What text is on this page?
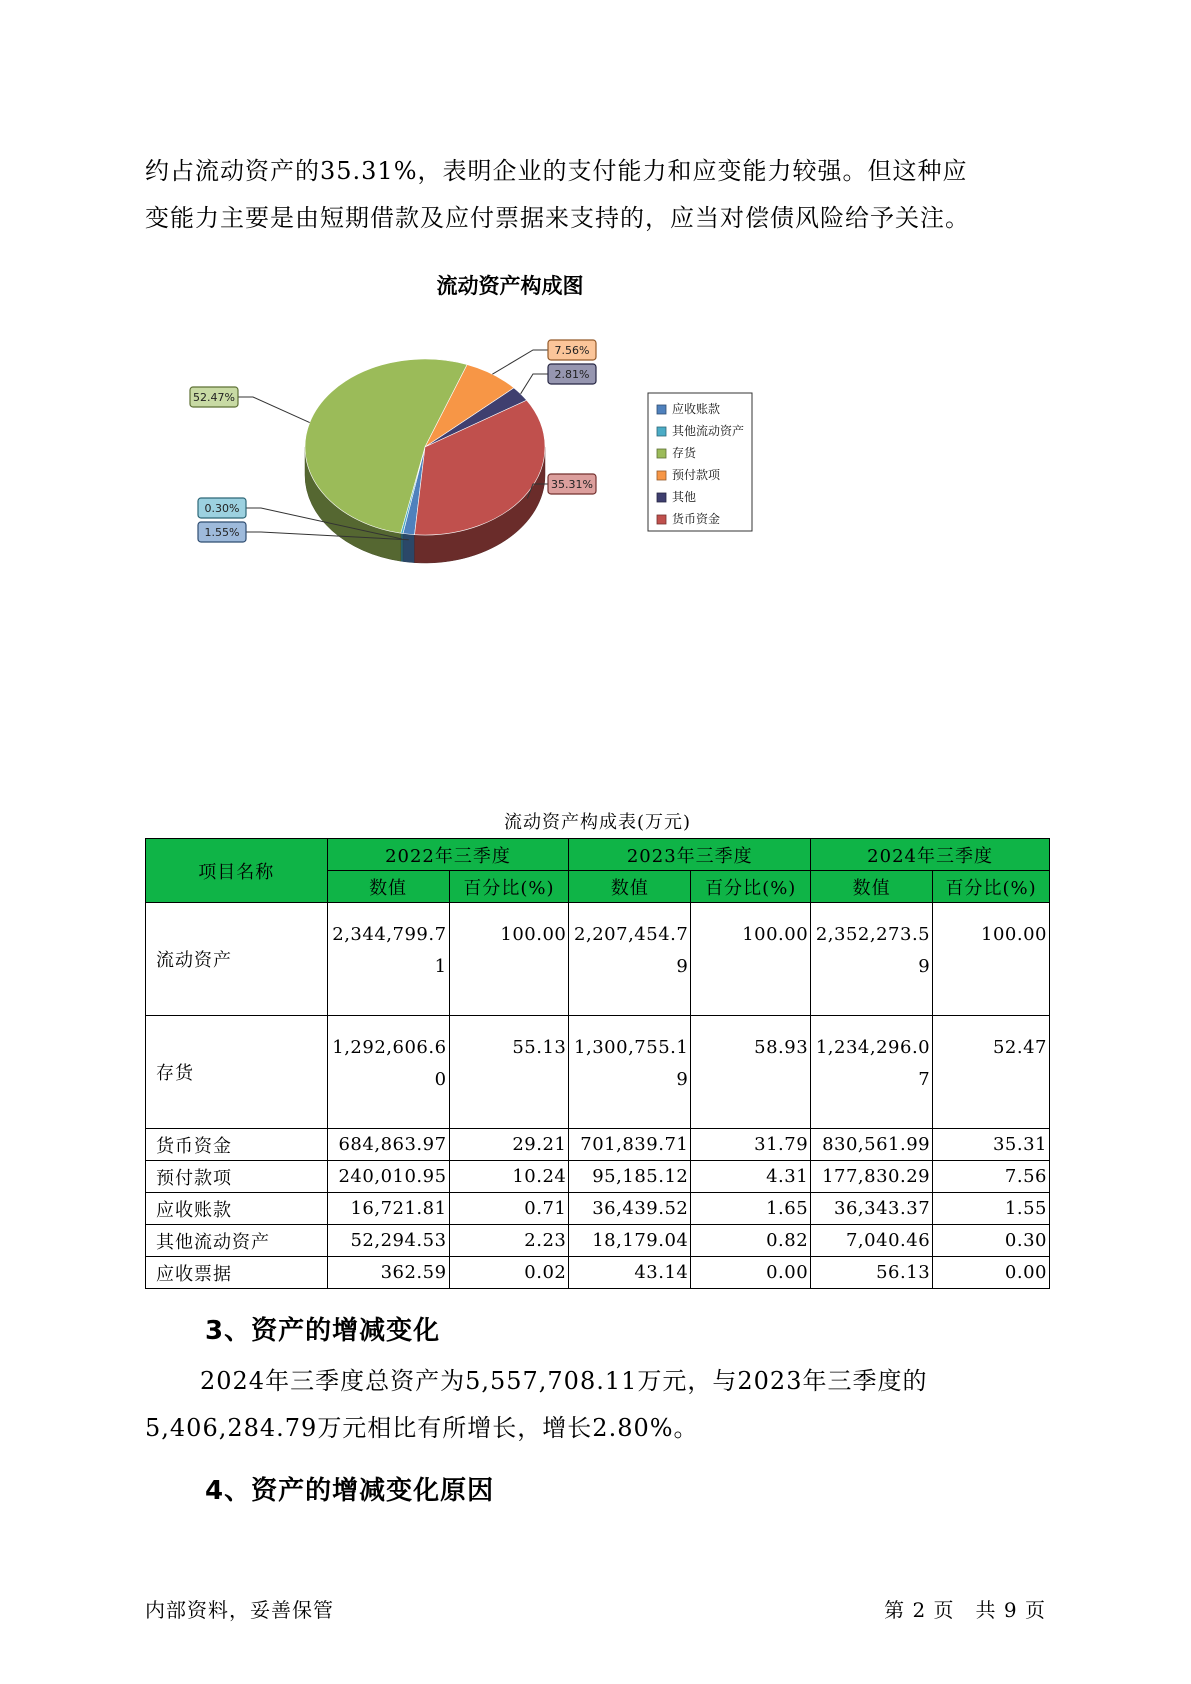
约占流动资产的35.31%，表明企业的支付能力和应变能力较强。但这种应
变能力主要是由短期借款及应付票据来支持的，应当对偿债风险给予关注。
流动资产构成图
1.55%
0.30%
52.47%
7.56%
2.81%
35.31%
应收账款
其他流动资产
存货
预付款项
其他
货币资金
流动资产构成表(万元)
项目名称	2022年三季度		2023年三季度		2024年三季度	
	数值	百分比(%)	数值	百分比(%)	数值	百分比(%)
流动资产	2,344,799.71	100.00	2,207,454.79	100.00	2,352,273.59	100.00
存货	1,292,606.60	55.13	1,300,755.19	58.93	1,234,296.07	52.47
货币资金	684,863.97	29.21	701,839.71	31.79	830,561.99	35.31
预付款项	240,010.95	10.24	95,185.12	4.31	177,830.29	7.56
应收账款	16,721.81	0.71	36,439.52	1.65	36,343.37	1.55
其他流动资产	52,294.53	2.23	18,179.04	0.82	7,040.46	0.30
应收票据	362.59	0.02	43.14	0.00	56.13	0.00
3、资产的增减变化
2024年三季度总资产为5,557,708.11万元，与2023年三季度的
5,406,284.79万元相比有所增长，增长2.80%。
4、资产的增减变化原因
内部资料，妥善保管	第 2 页　共 9 页
